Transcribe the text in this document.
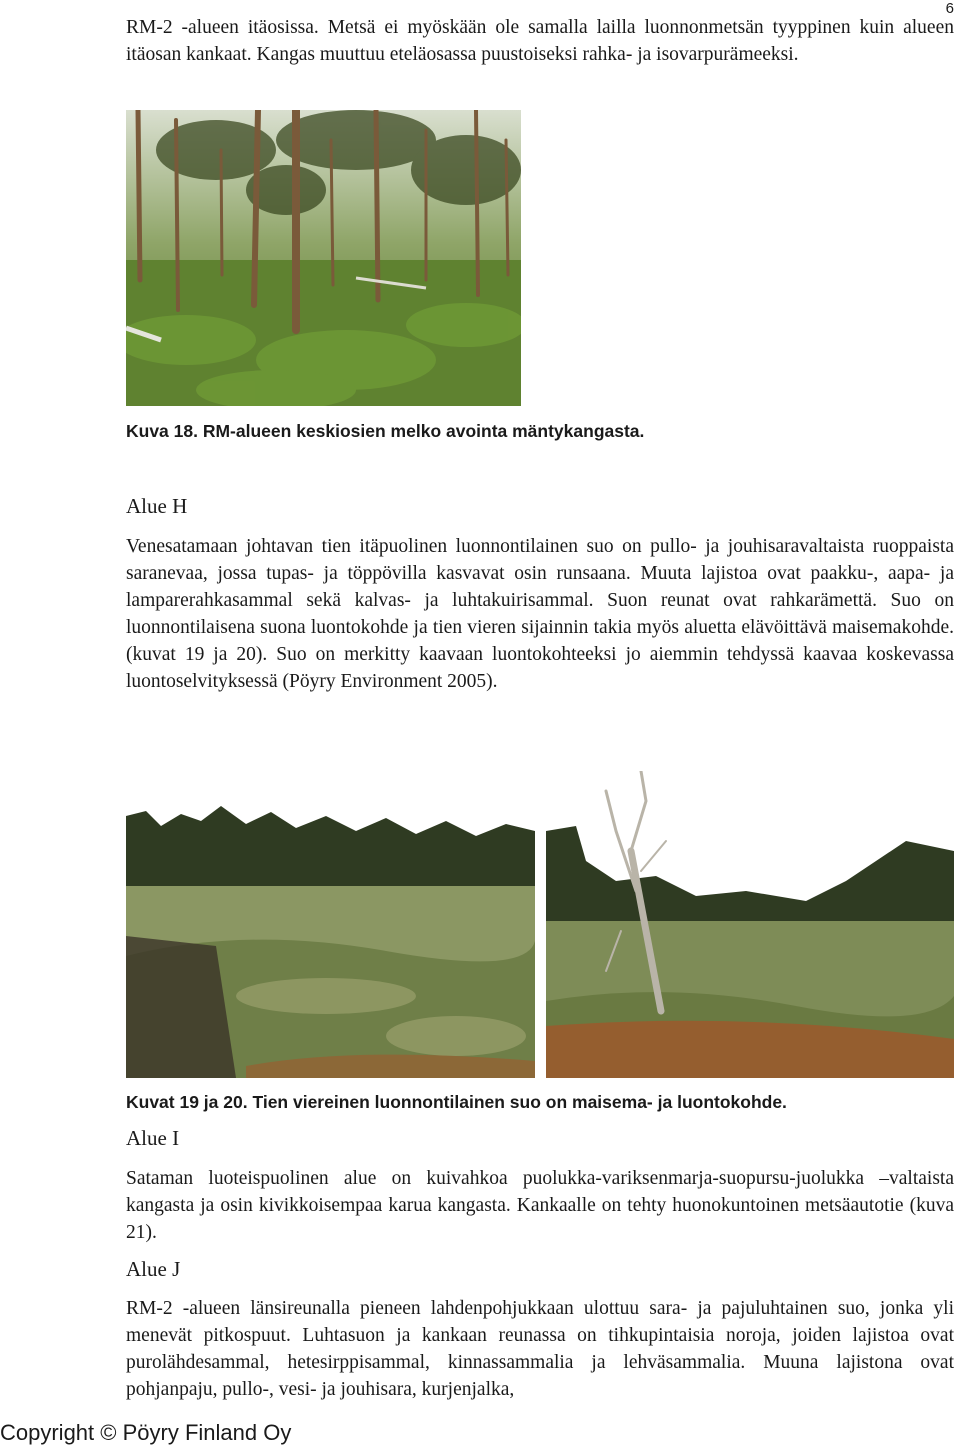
6

RM-2 -alueen itäosissa. Metsä ei myöskään ole samalla lailla luonnonmetsän tyyppinen kuin alueen itäosan kankaat. Kangas muuttuu eteläosassa puustoiseksi rahka- ja isovarpurämeeksi.

Kuva 18. RM-alueen keskiosien melko avointa mäntykangasta.
Alue H

Venesatamaan johtavan tien itäpuolinen luonnontilainen suo on pullo- ja jouhisaravaltaista ruoppaista saranevaa, jossa tupas- ja töppövilla kasvavat osin runsaana. Muuta lajistoa ovat paakku-, aapa- ja lamparerahkasammal sekä kalvas- ja luhtakuirisammal. Suon reunat ovat rahkarämettä. Suo on luonnontilaisena suona luontokohde ja tien vieren sijainnin takia myös aluetta elävöittävä maisemakohde. (kuvat 19 ja 20). Suo on merkitty kaavaan luontokohteeksi jo aiemmin tehdyssä kaavaa koskevassa luontoselvityksessä (Pöyry Environment 2005).

Kuvat 19 ja 20. Tien viereinen luonnontilainen suo on maisema- ja luontokohde.
Alue I

Sataman luoteispuolinen alue on kuivahkoa puolukka-variksenmarja-suopursu-juolukka –valtaista kangasta ja osin kivikkoisempaa karua kangasta. Kankaalle on tehty huonokuntoinen metsäautotie (kuva 21).

Alue J

RM-2 -alueen länsireunalla pieneen lahdenpohjukkaan ulottuu sara- ja pajuluhtainen suo, jonka yli menevät pitkospuut. Luhtasuon ja kankaan reunassa on tihkupintaisia noroja, joiden lajistoa ovat purolähdesammal, hetesirppisammal, kinnassammalia ja lehväsammalia. Muuna lajistona ovat pohjanpaju, pullo-, vesi- ja jouhisara, kurjenjalka,

Copyright © Pöyry Finland Oy
